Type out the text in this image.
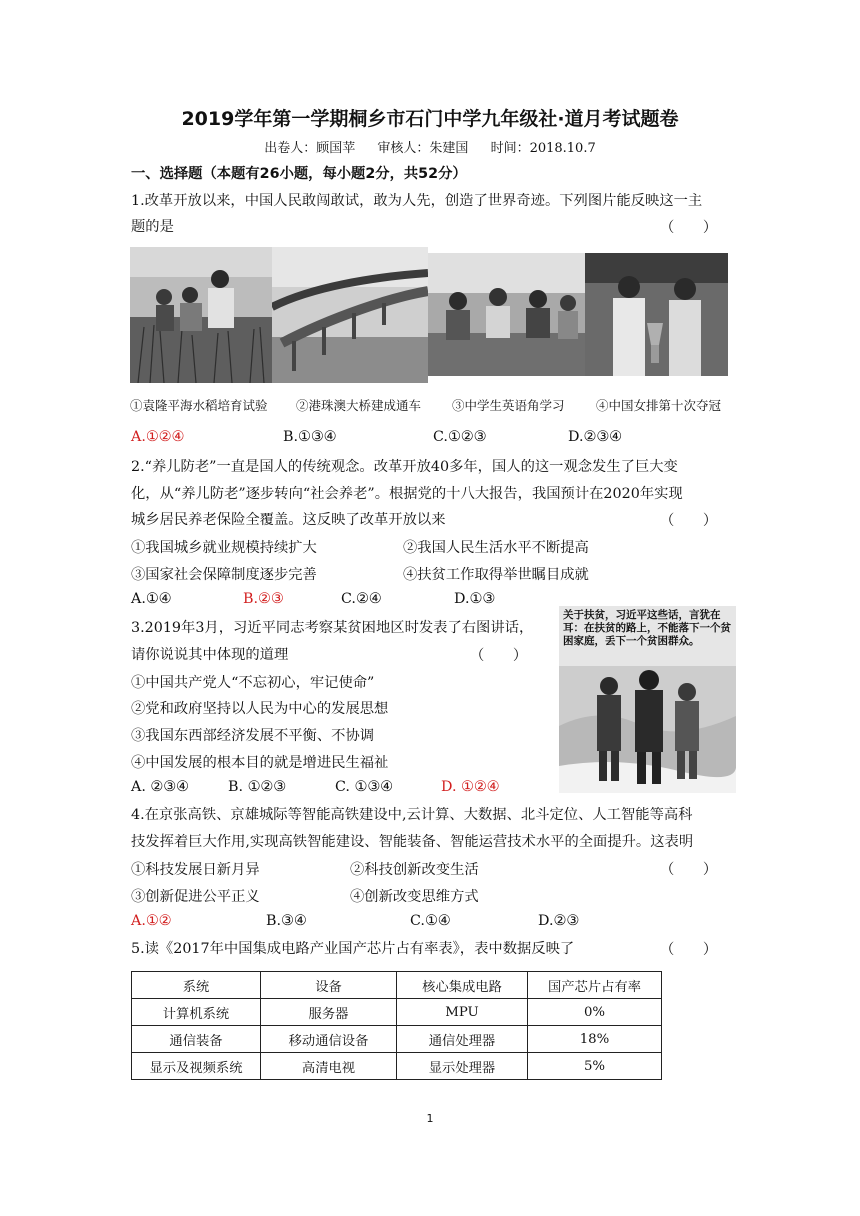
2019学年第一学期桐乡市石门中学九年级社·道月考试题卷
出卷人：顾国苹 审核人：朱建国 时间：2018.10.7
一、选择题（本题有26小题，每小题2分，共52分）
1.改革开放以来，中国人民敢闯敢试，敢为人先，创造了世界奇迹。下列图片能反映这一主
题的是	（　　）
①袁隆平海水稻培育试验 ②港珠澳大桥建成通车 ③中学生英语角学习	④中国女排第十次夺冠
A.①②④	B.①③④	C.①②③	D.②③④
2.“养儿防老”一直是国人的传统观念。改革开放40多年，国人的这一观念发生了巨大变
化，从“养儿防老”逐步转向“社会养老”。根据党的十八大报告，我国预计在2020年实现
城乡居民养老保险全覆盖。这反映了改革开放以来	（　　）
①我国城乡就业规模持续扩大	②我国人民生活水平不断提高
③国家社会保障制度逐步完善	④扶贫工作取得举世瞩目成就
A.①④	B.②③	C.②④	D.①③
3.2019年3月，习近平同志考察某贫困地区时发表了右图讲话，
请你说说其中体现的道理	（　　）
关于扶贫，习近平这些话，言犹在耳：在扶贫的路上，不能落下一个贫困家庭，丢下一个贫困群众。
①中国共产党人“不忘初心，牢记使命”
②党和政府坚持以人民为中心的发展思想
③我国东西部经济发展不平衡、不协调
④中国发展的根本目的就是增进民生福祉
A. ②③④	B. ①②③	C. ①③④	D. ①②④
4.在京张高铁、京雄城际等智能高铁建设中,云计算、大数据、北斗定位、人工智能等高科
技发挥着巨大作用,实现高铁智能建设、智能装备、智能运营技术水平的全面提升。这表明
①科技发展日新月异	②科技创新改变生活	（　　）
③创新促进公平正义	④创新改变思维方式
A.①②	B.③④	C.①④	D.②③
5.读《2017年中国集成电路产业国产芯片占有率表》，表中数据反映了	（　　）
系统	设备	核心集成电路	国产芯片占有率
计算机系统	服务器	MPU	0%
通信装备	移动通信设备	通信处理器	18%
显示及视频系统	高清电视	显示处理器	5%
1
